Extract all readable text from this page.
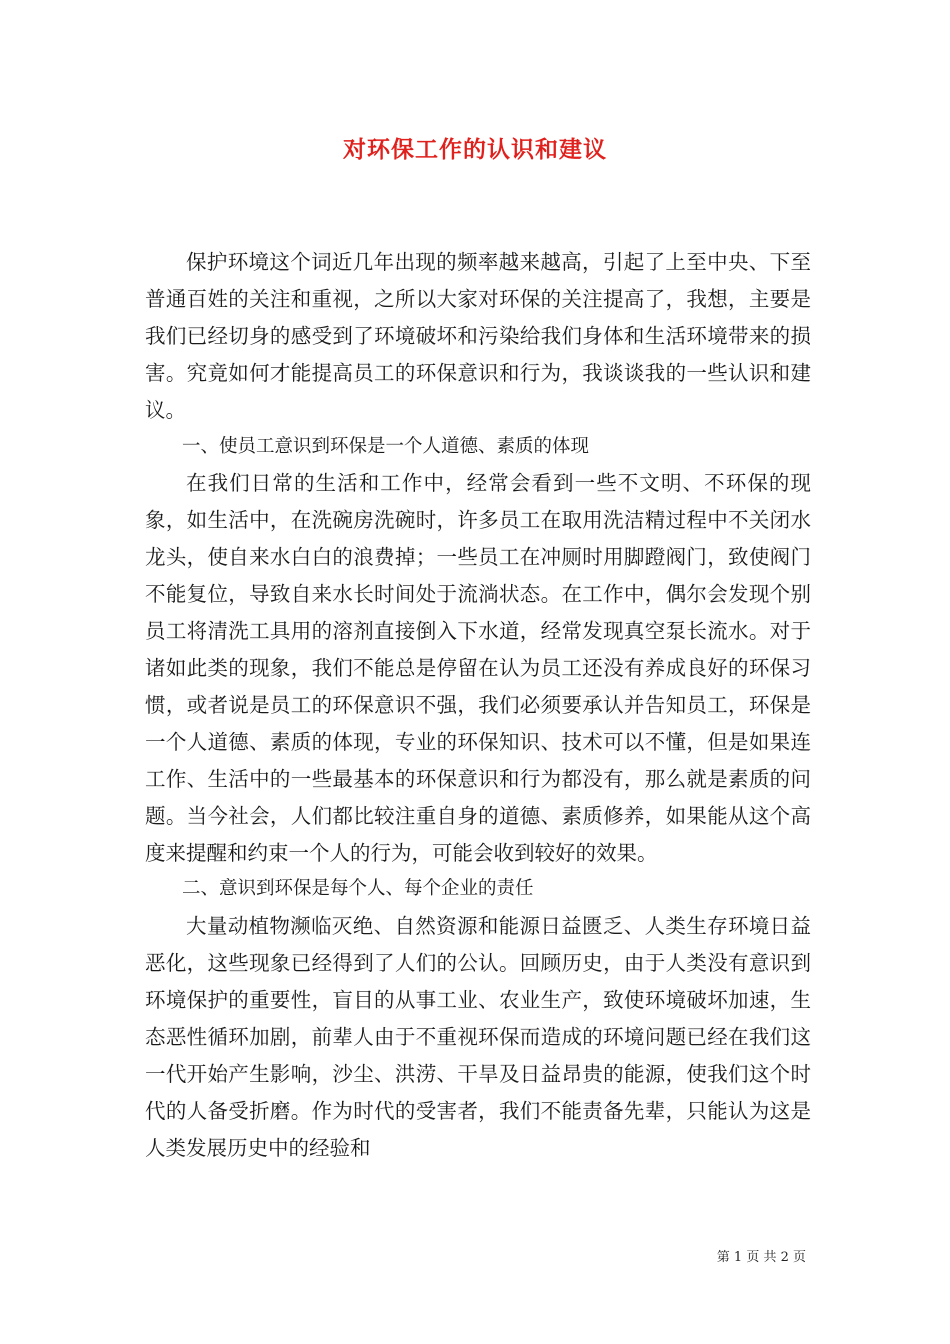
对环保工作的认识和建议

保护环境这个词近几年出现的频率越来越高，引起了上至中央、下至普通百姓的关注和重视，之所以大家对环保的关注提高了，我想，主要是我们已经切身的感受到了环境破坏和污染给我们身体和生活环境带来的损害。究竟如何才能提高员工的环保意识和行为，我谈谈我的一些认识和建议。

一、使员工意识到环保是一个人道德、素质的体现

在我们日常的生活和工作中，经常会看到一些不文明、不环保的现象，如生活中，在洗碗房洗碗时，许多员工在取用洗洁精过程中不关闭水龙头，使自来水白白的浪费掉；一些员工在冲厕时用脚蹬阀门，致使阀门不能复位，导致自来水长时间处于流淌状态。在工作中，偶尔会发现个别员工将清洗工具用的溶剂直接倒入下水道，经常发现真空泵长流水。对于诸如此类的现象，我们不能总是停留在认为员工还没有养成良好的环保习惯，或者说是员工的环保意识不强，我们必须要承认并告知员工，环保是一个人道德、素质的体现，专业的环保知识、技术可以不懂，但是如果连工作、生活中的一些最基本的环保意识和行为都没有，那么就是素质的问题。当今社会，人们都比较注重自身的道德、素质修养，如果能从这个高度来提醒和约束一个人的行为，可能会收到较好的效果。

二、意识到环保是每个人、每个企业的责任

大量动植物濒临灭绝、自然资源和能源日益匮乏、人类生存环境日益恶化，这些现象已经得到了人们的公认。回顾历史，由于人类没有意识到环境保护的重要性，盲目的从事工业、农业生产，致使环境破坏加速，生态恶性循环加剧，前辈人由于不重视环保而造成的环境问题已经在我们这一代开始产生影响，沙尘、洪涝、干旱及日益昂贵的能源，使我们这个时代的人备受折磨。作为时代的受害者，我们不能责备先辈，只能认为这是人类发展历史中的经验和

第 1 页 共 2 页
